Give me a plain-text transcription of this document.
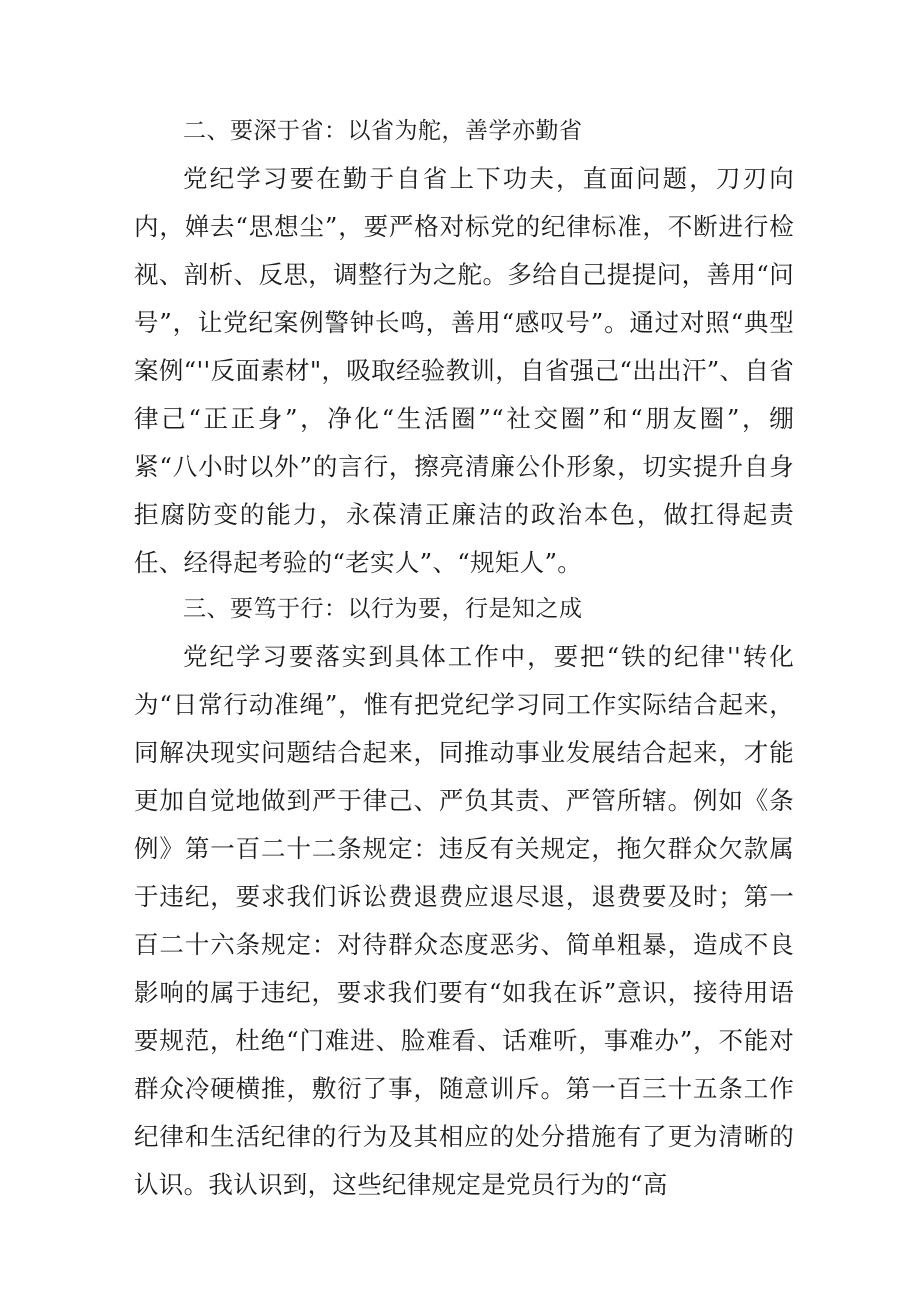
二、要深于省：以省为舵，善学亦勤省

党纪学习要在勤于自省上下功夫，直面问题，刀刃向内，婵去“思想尘”，要严格对标党的纪律标准，不断进行检视、剖析、反思，调整行为之舵。多给自己提提问，善用“问号”，让党纪案例警钟长鸣，善用“感叹号”。通过对照“典型案例“''反面素材"，吸取经验教训，自省强己“出出汗”、自省律己“正正身”，净化“生活圈”“社交圈”和“朋友圈”，绷紧“八小时以外”的言行，擦亮清廉公仆形象，切实提升自身拒腐防变的能力，永葆清正廉洁的政治本色，做扛得起责任、经得起考验的“老实人”、“规矩人”。

三、要笃于行：以行为要，行是知之成

党纪学习要落实到具体工作中，要把“铁的纪律''转化为“日常行动准绳”，惟有把党纪学习同工作实际结合起来，同解决现实问题结合起来，同推动事业发展结合起来，才能更加自觉地做到严于律己、严负其责、严管所辖。例如《条例》第一百二十二条规定：违反有关规定，拖欠群众欠款属于违纪，要求我们诉讼费退费应退尽退，退费要及时；第一百二十六条规定：对待群众态度恶劣、简单粗暴，造成不良影响的属于违纪，要求我们要有“如我在诉”意识，接待用语要规范，杜绝“门难进、脸难看、话难听，事难办”，不能对群众冷硬横推，敷衍了事，随意训斥。第一百三十五条工作纪律和生活纪律的行为及其相应的处分措施有了更为清晰的认识。我认识到，这些纪律规定是党员行为的“高
